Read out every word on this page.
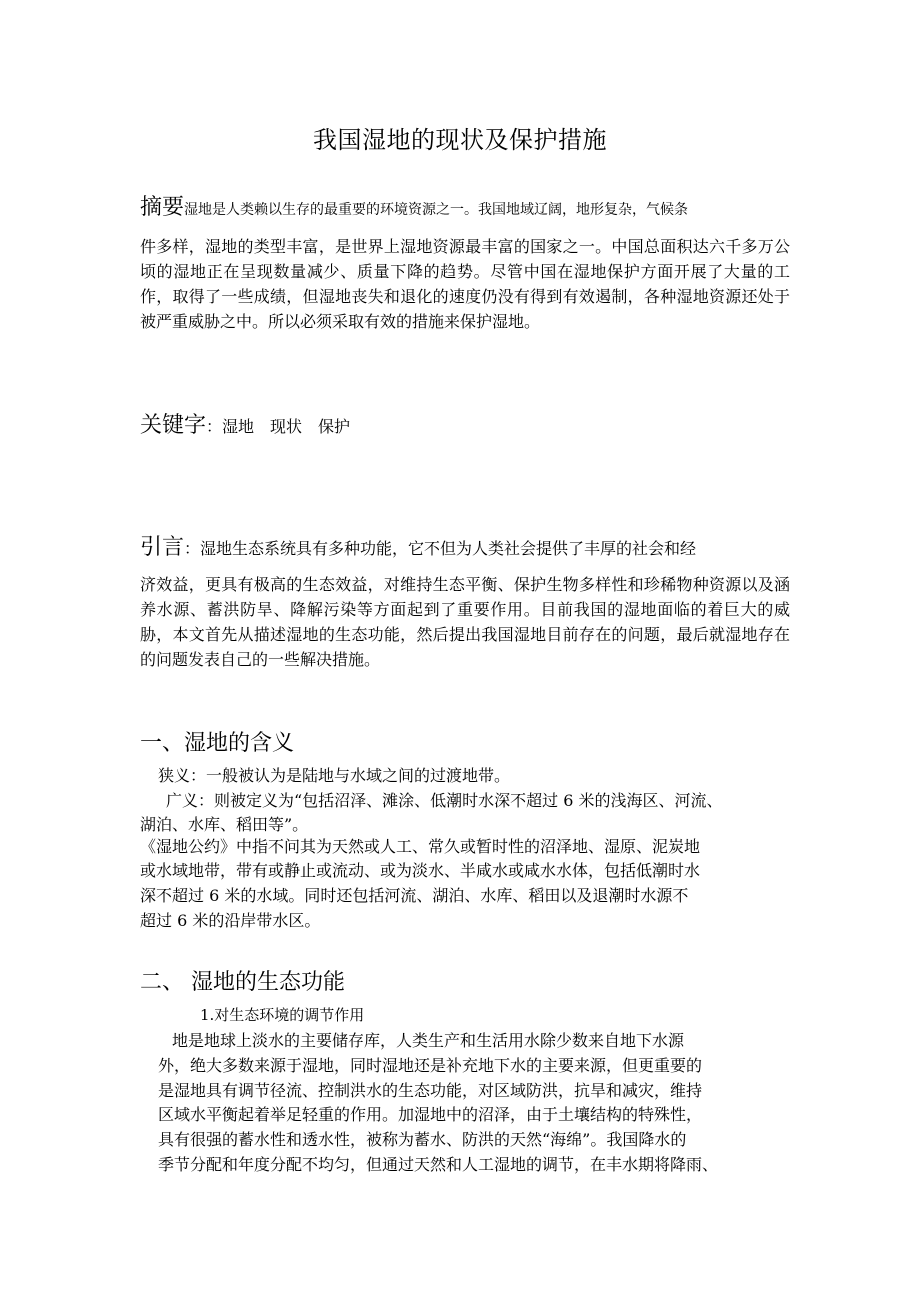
我国湿地的现状及保护措施
摘要湿地是人类赖以生存的最重要的环境资源之一。我国地域辽阔，地形复杂，气候条
件多样，湿地的类型丰富，是世界上湿地资源最丰富的国家之一。中国总面积达六千多万公顷的湿地正在呈现数量减少、质量下降的趋势。尽管中国在湿地保护方面开展了大量的工作，取得了一些成绩，但湿地丧失和退化的速度仍没有得到有效遏制，各种湿地资源还处于被严重威胁之中。所以必须采取有效的措施来保护湿地。
关键字：湿地　现状　保护
引言：湿地生态系统具有多种功能，它不但为人类社会提供了丰厚的社会和经
济效益，更具有极高的生态效益，对维持生态平衡、保护生物多样性和珍稀物种资源以及涵养水源、蓄洪防旱、降解污染等方面起到了重要作用。目前我国的湿地面临的着巨大的威胁，本文首先从描述湿地的生态功能，然后提出我国湿地目前存在的问题，最后就湿地存在的问题发表自己的一些解决措施。
一、湿地的含义
狭义：一般被认为是陆地与水域之间的过渡地带。
广义：则被定义为“包括沼泽、滩涂、低潮时水深不超过 6 米的浅海区、河流、
湖泊、水库、稻田等”。
《湿地公约》中指不问其为天然或人工、常久或暂时性的沼泽地、湿原、泥炭地
或水域地带，带有或静止或流动、或为淡水、半咸水或咸水水体，包括低潮时水
深不超过 6 米的水域。同时还包括河流、湖泊、水库、稻田以及退潮时水源不
超过 6 米的沿岸带水区。
二、 湿地的生态功能
1.对生态环境的调节作用
地是地球上淡水的主要储存库，人类生产和生活用水除少数来自地下水源
外，绝大多数来源于湿地，同时湿地还是补充地下水的主要来源，但更重要的
是湿地具有调节径流、控制洪水的生态功能，对区域防洪，抗旱和减灾，维持
区域水平衡起着举足轻重的作用。加湿地中的沼泽，由于土壤结构的特殊性，
具有很强的蓄水性和透水性，被称为蓄水、防洪的天然“海绵”。我国降水的
季节分配和年度分配不均匀，但通过天然和人工湿地的调节，在丰水期将降雨、
